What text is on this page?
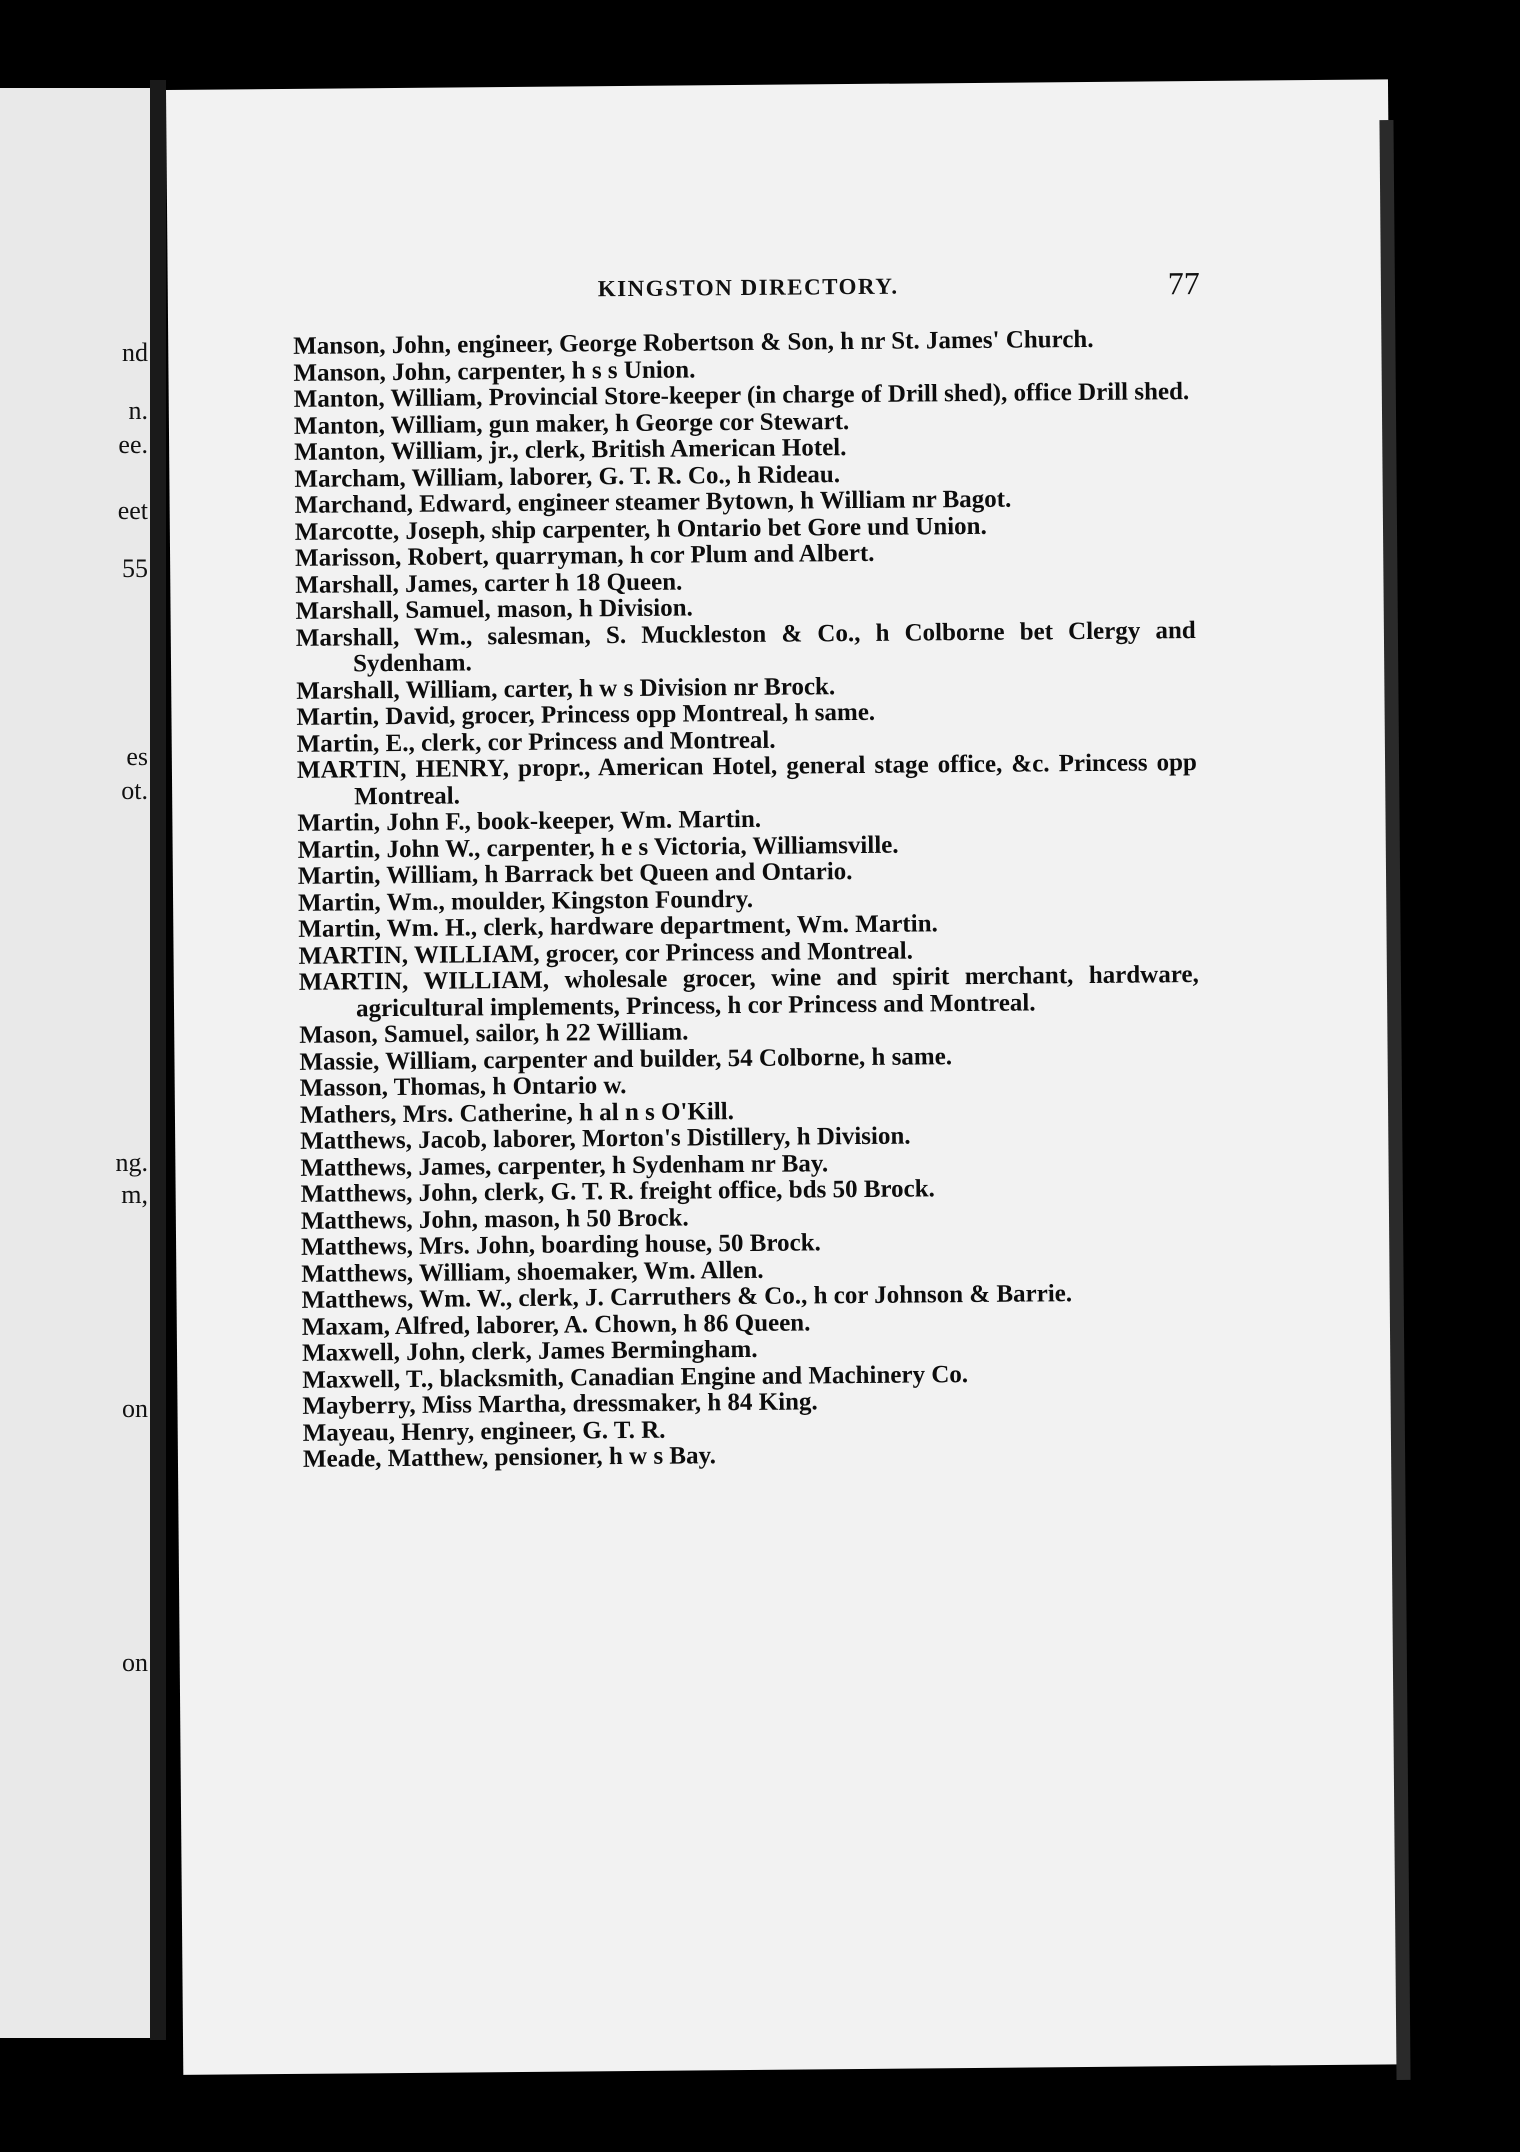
nd
n.
ee.
eet
55
es
ot.
ng.
m,
on
on
KINGSTON DIRECTORY.	77
Manson, John, engineer, George Robertson & Son, h nr St. James' Church.
Manson, John, carpenter, h s s Union.
Manton, William, Provincial Store-keeper (in charge of Drill shed), office Drill shed.
Manton, William, gun maker, h George cor Stewart.
Manton, William, jr., clerk, British American Hotel.
Marcham, William, laborer, G. T. R. Co., h Rideau.
Marchand, Edward, engineer steamer Bytown, h William nr Bagot.
Marcotte, Joseph, ship carpenter, h Ontario bet Gore und Union.
Marisson, Robert, quarryman, h cor Plum and Albert.
Marshall, James, carter h 18 Queen.
Marshall, Samuel, mason, h Division.
Marshall, Wm., salesman, S. Muckleston & Co., h Colborne bet Clergy and Sydenham.
Marshall, William, carter, h w s Division nr Brock.
Martin, David, grocer, Princess opp Montreal, h same.
Martin, E., clerk, cor Princess and Montreal.
MARTIN, HENRY, propr., American Hotel, general stage office, &c. Princess opp Montreal.
Martin, John F., book-keeper, Wm. Martin.
Martin, John W., carpenter, h e s Victoria, Williamsville.
Martin, William, h Barrack bet Queen and Ontario.
Martin, Wm., moulder, Kingston Foundry.
Martin, Wm. H., clerk, hardware department, Wm. Martin.
MARTIN, WILLIAM, grocer, cor Princess and Montreal.
MARTIN, WILLIAM, wholesale grocer, wine and spirit merchant, hardware, agricultural implements, Princess, h cor Princess and Montreal.
Mason, Samuel, sailor, h 22 William.
Massie, William, carpenter and builder, 54 Colborne, h same.
Masson, Thomas, h Ontario w.
Mathers, Mrs. Catherine, h al n s O'Kill.
Matthews, Jacob, laborer, Morton's Distillery, h Division.
Matthews, James, carpenter, h Sydenham nr Bay.
Matthews, John, clerk, G. T. R. freight office, bds 50 Brock.
Matthews, John, mason, h 50 Brock.
Matthews, Mrs. John, boarding house, 50 Brock.
Matthews, William, shoemaker, Wm. Allen.
Matthews, Wm. W., clerk, J. Carruthers & Co., h cor Johnson & Barrie.
Maxam, Alfred, laborer, A. Chown, h 86 Queen.
Maxwell, John, clerk, James Bermingham.
Maxwell, T., blacksmith, Canadian Engine and Machinery Co.
Mayberry, Miss Martha, dressmaker, h 84 King.
Mayeau, Henry, engineer, G. T. R.
Meade, Matthew, pensioner, h w s Bay.
